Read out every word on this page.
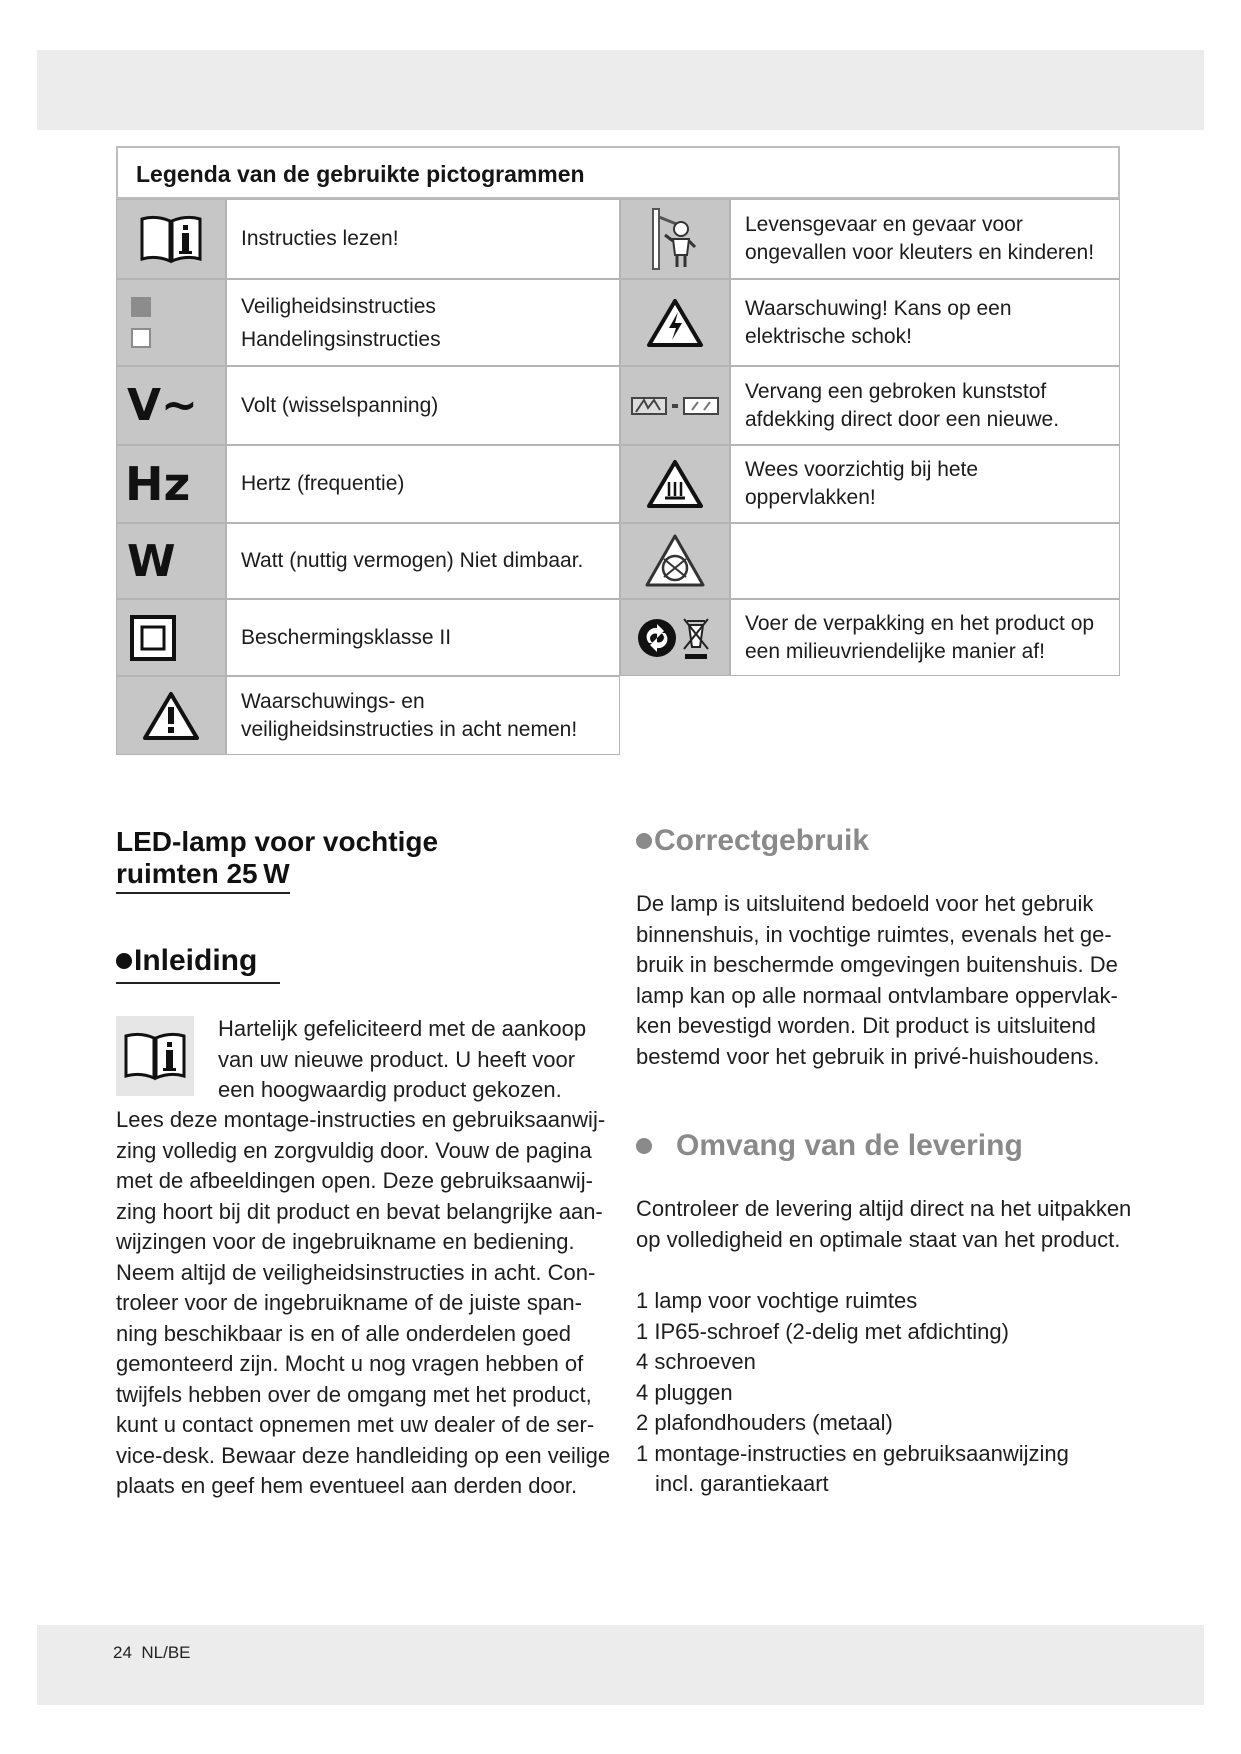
Legenda van de gebruikte pictogrammen
Instructies lezen!
Veiligheidsinstructies
Handelingsinstructies
V~ Volt (wisselspanning)
Hz Hertz (frequentie)
W	Watt (nuttig vermogen) Niet dimbaar.
Beschermingsklasse II
Waarschuwings- en
veiligheidsinstructies in acht nemen!
Levensgevaar en gevaar voor
ongevallen voor kleuters en kinderen!
Waarschuwing! Kans op een
elektrische schok!
Vervang een gebroken kunststof
afdekking direct door een nieuwe.
Wees voorzichtig bij hete
oppervlakken!
Voer de verpakking en het product op
een milieuvriendelijke manier af!
LED-lamp voor vochtige
ruimten 25 W
Inleiding
Hartelijk gefeliciteerd met de aankoop
van uw nieuwe product. U heeft voor
een hoogwaardig product gekozen.
Lees deze montage-instructies en gebruiksaanwij-
zing volledig en zorgvuldig door. Vouw de pagina
met de afbeeldingen open. Deze gebruiksaanwij-
zing hoort bij dit product en bevat belangrijke aan-
wijzingen voor de ingebruikname en bediening.
Neem altijd de veiligheidsinstructies in acht. Con-
troleer voor de ingebruikname of de juiste span-
ning beschikbaar is en of alle onderdelen goed
gemonteerd zijn. Mocht u nog vragen hebben of
twijfels hebben over de omgang met het product,
kunt u contact opnemen met uw dealer of de ser-
vice-desk. Bewaar deze handleiding op een veilige
plaats en geef hem eventueel aan derden door.
Correctgebruik
De lamp is uitsluitend bedoeld voor het gebruik
binnenshuis, in vochtige ruimtes, evenals het ge-
bruik in beschermde omgevingen buitenshuis. De
lamp kan op alle normaal ontvlambare oppervlak-
ken bevestigd worden. Dit product is uitsluitend
bestemd voor het gebruik in privé-huishoudens.
Omvang van de levering
Controleer de levering altijd direct na het uitpakken
op volledigheid en optimale staat van het product.
1 lamp voor vochtige ruimtes
1 IP65-schroef (2-delig met afdichting)
4 schroeven
4 pluggen
2 plafondhouders (metaal)
1 montage-instructies en gebruiksaanwijzing
incl. garantiekaart
24 NL/BE
